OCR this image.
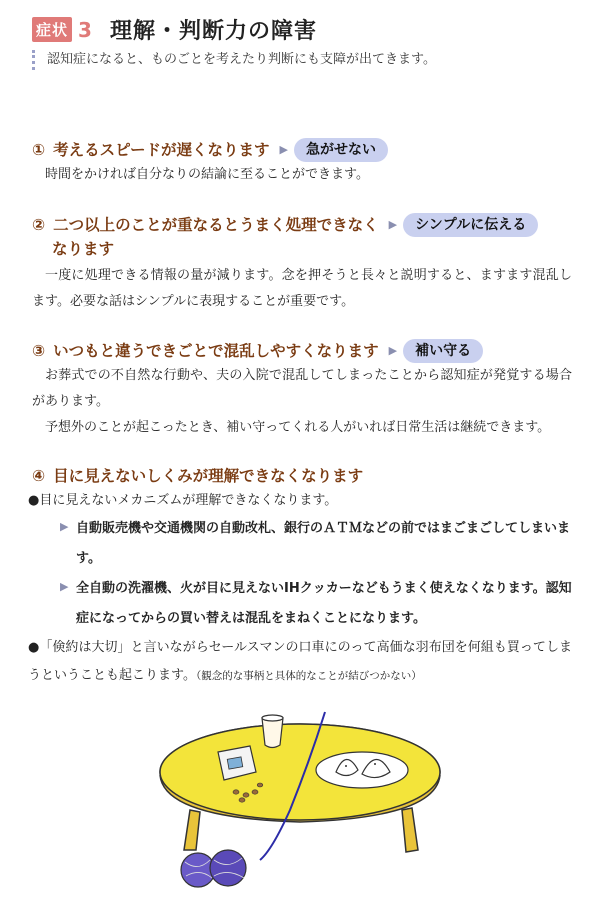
症状 3 理解・判断力の障害
認知症になると、ものごとを考えたり判断にも支障が出てきます。
① 考えるスピードが遅くなります ▶	急がせない
時間をかければ自分なりの結論に至ることができます。
② 二つ以上のことが重なるとうまく処理できなく ▶	シンプルに伝える
なります
一度に処理できる情報の量が減ります。念を押そうと長々と説明すると、ますます混乱します。必要な話はシンプルに表現することが重要です。
③ いつもと違うできごとで混乱しやすくなります ▶	補い守る
お葬式での不自然な行動や、夫の入院で混乱してしまったことから認知症が発覚する場合があります。
予想外のことが起こったとき、補い守ってくれる人がいれば日常生活は継続できます。
④ 目に見えないしくみが理解できなくなります
●目に見えないメカニズムが理解できなくなります。
▶ 自動販売機や交通機関の自動改札、銀行のＡＴＭなどの前ではまごまごしてしまいます。
▶ 全自動の洗濯機、火が目に見えないIHクッカーなどもうまく使えなくなります。認知症になってからの買い替えは混乱をまねくことになります。
●「倹約は大切」と言いながらセールスマンの口車にのって高価な羽布団を何組も買ってしまうということも起こります。（観念的な事柄と具体的なことが結びつかない）
